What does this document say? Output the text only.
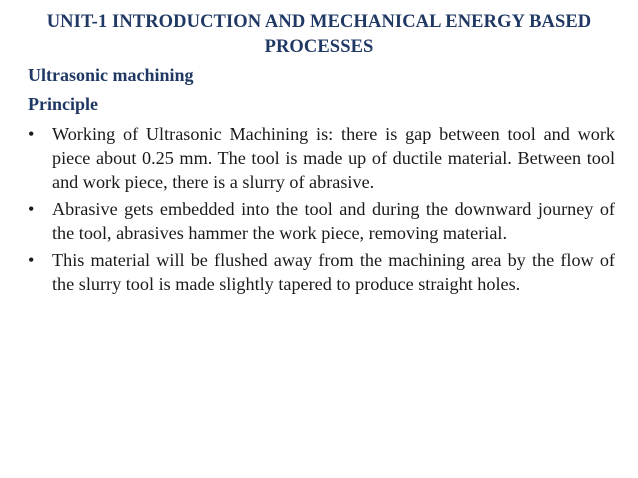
UNIT-1 INTRODUCTION AND MECHANICAL ENERGY BASED PROCESSES
Ultrasonic machining
Principle
• Working of Ultrasonic Machining is: there is gap between tool and work piece about 0.25 mm. The tool is made up of ductile material. Between tool and work piece, there is a slurry of abrasive.
• Abrasive gets embedded into the tool and during the downward journey of the tool, abrasives hammer the work piece, removing material.
• This material will be flushed away from the machining area by the flow of the slurry tool is made slightly tapered to produce straight holes.
